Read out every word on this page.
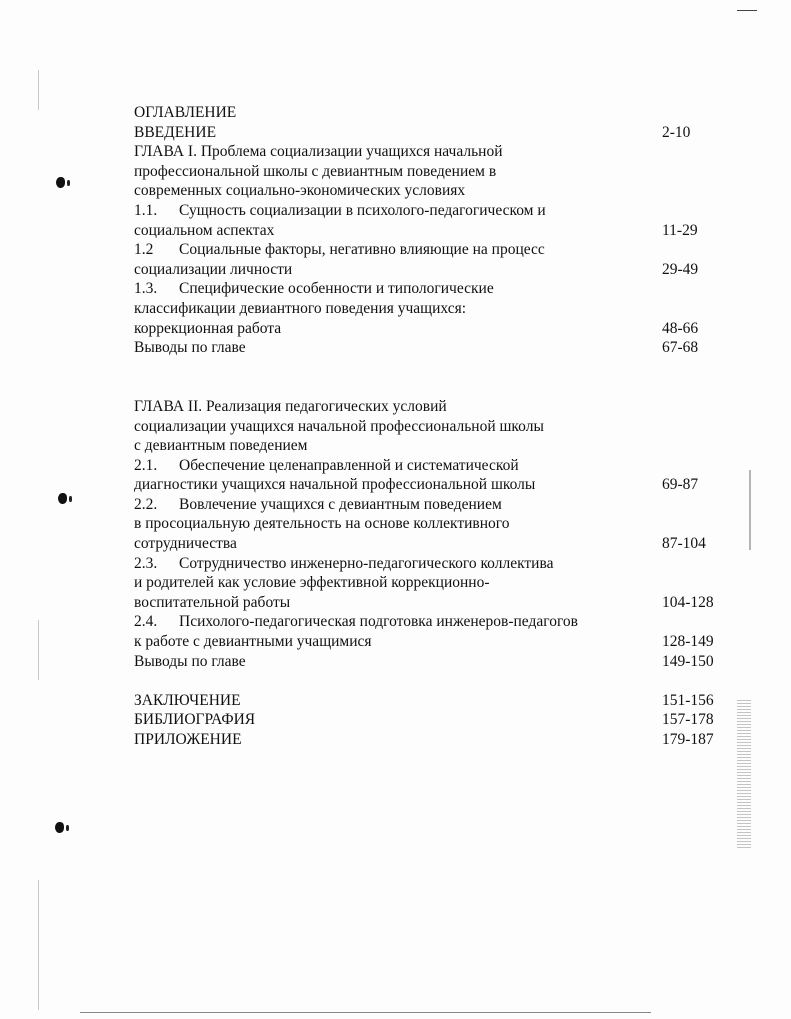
ОГЛАВЛЕНИЕ
ВВЕДЕНИЕ	2-10
ГЛАВА I. Проблема социализации учащихся начальной
профессиональной школы с девиантным поведением в
современных социально-экономических условиях
1.1. Сущность социализации в психолого-педагогическом и
социальном аспектах	11-29
1.2 Социальные факторы, негативно влияющие на процесс
социализации личности	29-49
1.3. Специфические особенности и типологические
классификации девиантного поведения учащихся:
коррекционная работа	48-66
Выводы по главе	67-68
ГЛАВА II. Реализация педагогических условий
социализации учащихся начальной профессиональной школы
с девиантным поведением
2.1. Обеспечение целенаправленной и систематической
диагностики учащихся начальной профессиональной школы	69-87
2.2. Вовлечение учащихся с девиантным поведением
в просоциальную деятельность на основе коллективного
сотрудничества	87-104
2.3. Сотрудничество инженерно-педагогического коллектива
и родителей как условие эффективной коррекционно-
воспитательной работы	104-128
2.4. Психолого-педагогическая подготовка инженеров-педагогов
к работе с девиантными учащимися	128-149
Выводы по главе	149-150
ЗАКЛЮЧЕНИЕ	151-156
БИБЛИОГРАФИЯ	157-178
ПРИЛОЖЕНИЕ	179-187
